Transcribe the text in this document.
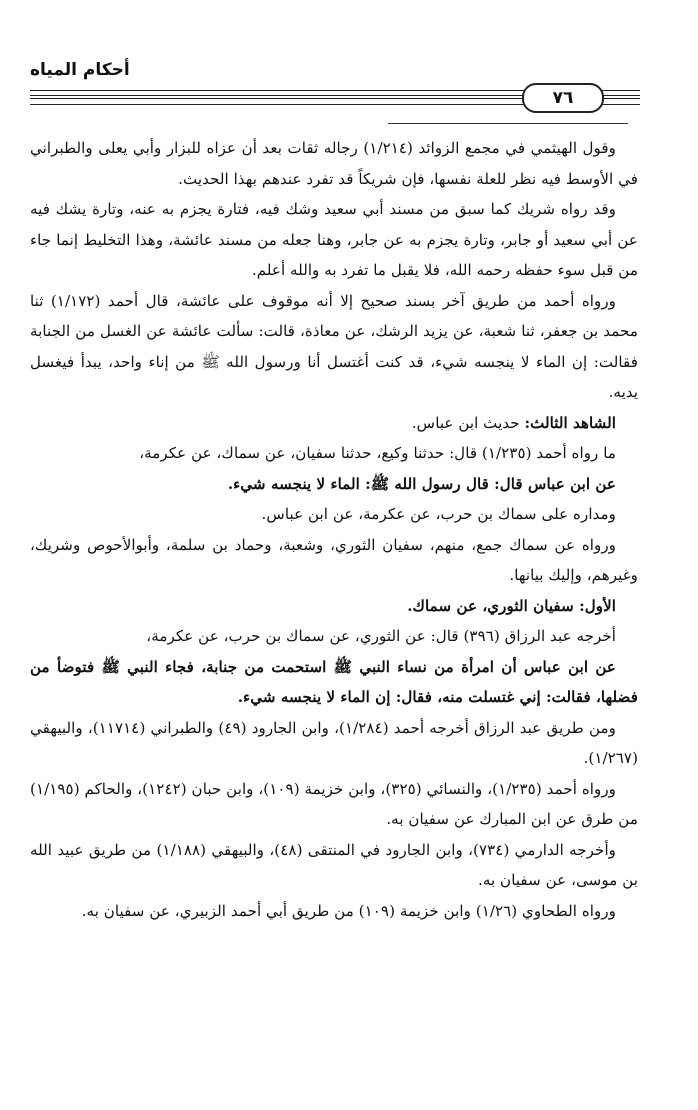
أحكام المياه
٧٦

وقول الهيثمي في مجمع الزوائد (١/٢١٤) رجاله ثقات بعد أن عزاه للبزار وأبي يعلى والطبراني في الأوسط فيه نظر للعلة نفسها، فإن شريكاً قد تفرد عندهم بهذا الحديث.

وقد رواه شريك كما سبق من مسند أبي سعيد وشك فيه، فتارة يجزم به عنه، وتارة يشك فيه عن أبي سعيد أو جابر، وتارة يجزم به عن جابر، وهنا جعله من مسند عائشة، وهذا التخليط إنما جاء من قبل سوء حفظه رحمه الله، فلا يقبل ما تفرد به والله أعلم.

ورواه أحمد من طريق آخر بسند صحيح إلا أنه موقوف على عائشة، قال أحمد (١/١٧٢) ثنا محمد بن جعفر، ثنا شعبة، عن يزيد الرشك، عن معاذة، قالت: سألت عائشة عن الغسل من الجنابة فقالت: إن الماء لا ينجسه شيء، قد كنت أغتسل أنا ورسول الله ﷺ من إناء واحد، يبدأ فيغسل يديه.

الشاهد الثالث: حديث ابن عباس.

ما رواه أحمد (١/٢٣٥) قال: حدثنا وكيع، حدثنا سفيان، عن سماك، عن عكرمة،

عن ابن عباس قال: قال رسول الله ﷺ: الماء لا ينجسه شيء.

ومداره على سماك بن حرب، عن عكرمة، عن ابن عباس.

ورواه عن سماك جمع، منهم، سفيان الثوري، وشعبة، وحماد بن سلمة، وأبوالأحوص وشريك، وغيرهم، وإليك بيانها.

الأول: سفيان الثوري، عن سماك.

أخرجه عبد الرزاق (٣٩٦) قال: عن الثوري، عن سماك بن حرب، عن عكرمة،

عن ابن عباس أن امرأة من نساء النبي ﷺ استحمت من جنابة، فجاء النبي ﷺ فتوضأ من فضلها، فقالت: إني غتسلت منه، فقال: إن الماء لا ينجسه شيء.

ومن طريق عبد الرزاق أخرجه أحمد (١/٢٨٤)، وابن الجارود (٤٩) والطبراني (١١٧١٤)، والبيهقي (١/٢٦٧).

ورواه أحمد (١/٢٣٥)، والنسائي (٣٢٥)، وابن خزيمة (١٠٩)، وابن حبان (١٢٤٢)، والحاكم (١/١٩٥) من طرق عن ابن المبارك عن سفيان به.

وأخرجه الدارمي (٧٣٤)، وابن الجارود في المنتقى (٤٨)، والبيهقي (١/١٨٨) من طريق عبيد الله بن موسى، عن سفيان به.

ورواه الطحاوي (١/٢٦) وابن خزيمة (١٠٩) من طريق أبي أحمد الزبيري، عن سفيان به.
